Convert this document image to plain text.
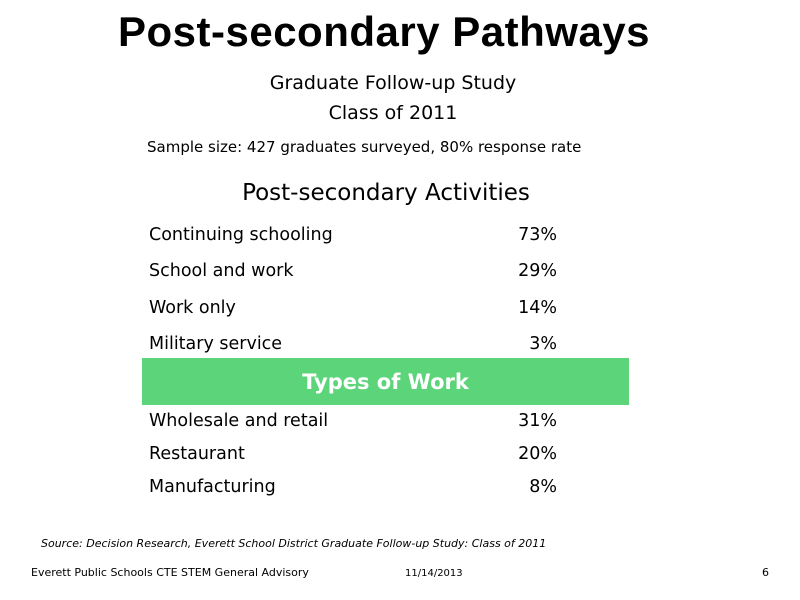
Post-secondary Pathways
Graduate Follow-up Study
Class of 2011
Sample size: 427 graduates surveyed, 80% response rate
Post-secondary Activities
Continuing schooling	73%
School and work	29%
Work only	14%
Military service	3%
Types of Work
Wholesale and retail	31%
Restaurant	20%
Manufacturing	8%
Source: Decision Research, Everett School District Graduate Follow-up Study: Class of 2011
Everett Public Schools CTE STEM General Advisory	11/14/2013	6
